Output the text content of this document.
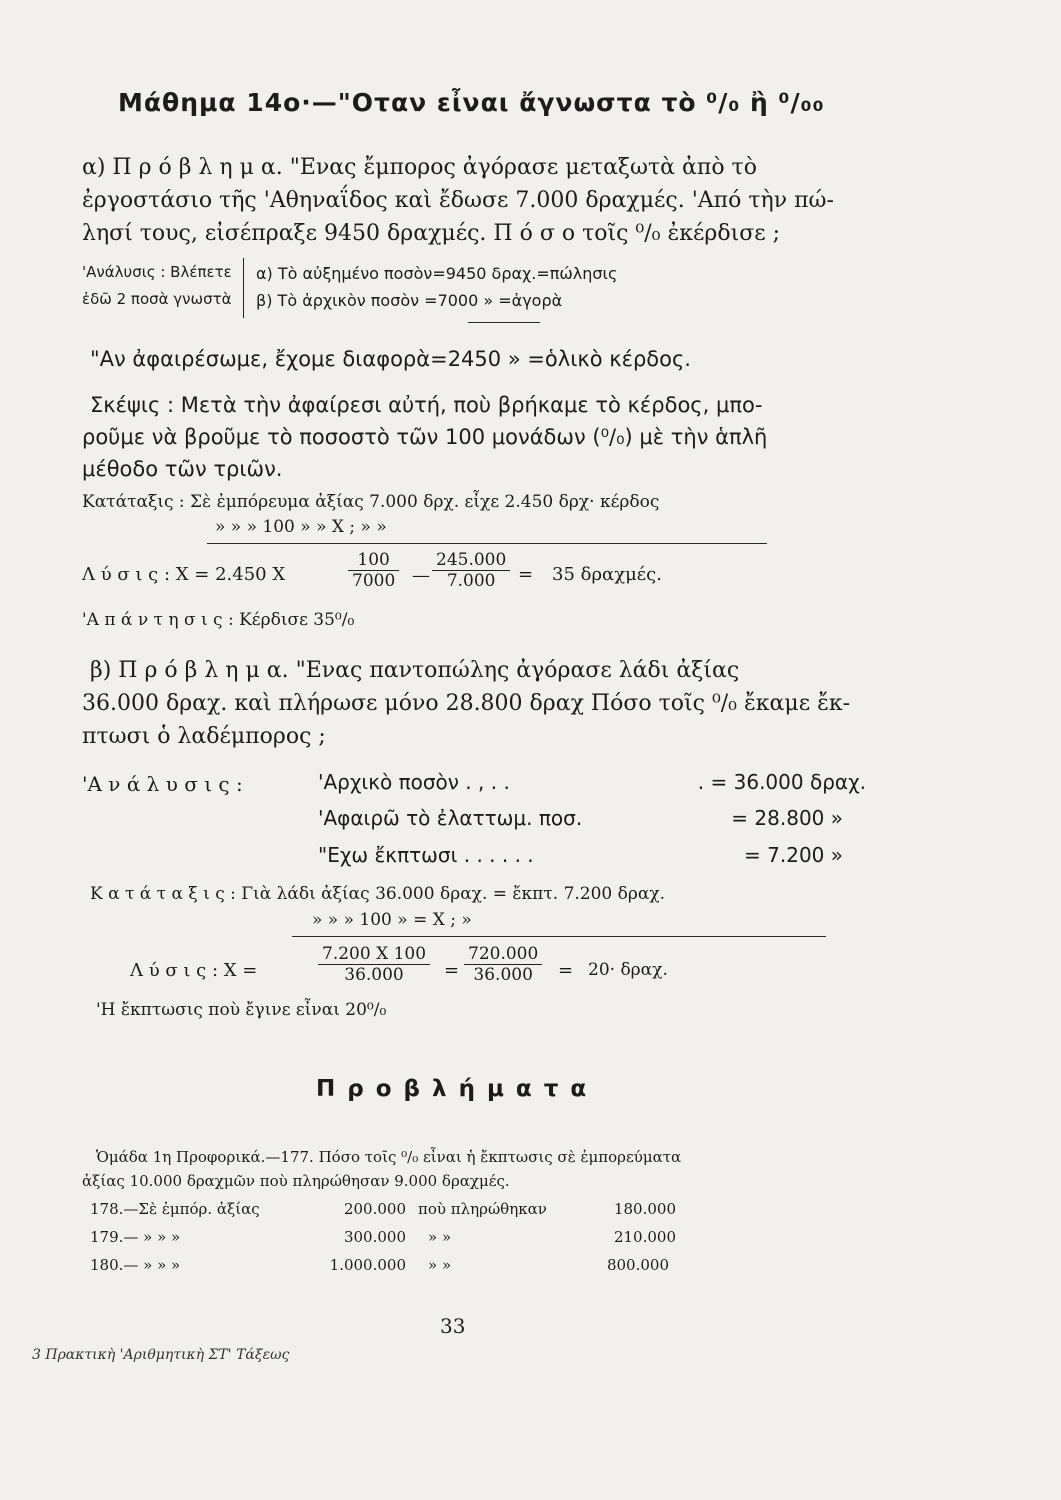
Μάθημα 14ο·—"Οταν εἶναι ἄγνωστα τὸ ⁰/₀ ἢ ⁰/₀₀
α) Π ρ ό β λ η μ α. "Ενας ἔμπορος ἀγόρασε μεταξωτὰ ἀπὸ τὸ
ἐργοστάσιο τῆς 'Αθηναΐδος καὶ ἔδωσε 7.000 δραχμές. 'Από τὴν πώ-
λησί τους, εἰσέπραξε 9450 δραχμές. Π ό σ ο τοῖς ⁰/₀ ἐκέρδισε ;
'Ανάλυσις : Βλέπετε
ἐδῶ 2 ποσὰ γνωστὰ
α) Τὸ αὐξημένο ποσὸν=9450 δραχ.=πώλησις
β) Τὸ ἀρχικὸν ποσὸν =7000 » =ἀγορὰ
"Αν ἀφαιρέσωμε, ἔχομε διαφορὰ=2450 » =ὁλικὸ κέρδος.
Σκέψις : Μετὰ τὴν ἀφαίρεσι αὐτή, ποὺ βρήκαμε τὸ κέρδος, μπο-
ροῦμε νὰ βροῦμε τὸ ποσοστὸ τῶν 100 μονάδων (⁰/₀) μὲ τὴν ἁπλῆ
μέθοδο τῶν τριῶν.
Κατάταξις : Σὲ ἐμπόρευμα ἀξίας 7.000 δρχ. εἶχε 2.450 δρχ· κέρδος
» » » 100 » » Χ ; » »
Λ ύ σ ι ς : Χ = 2.450 Χ	$\frac{100}{7000}$ — $\frac{245.000}{7.000} = 35$ δραχμές.
'Α π ά ν τ η σ ι ς : Κέρδισε 35⁰/₀
β) Π ρ ό β λ η μ α. "Ενας παντοπώλης ἀγόρασε λάδι ἀξίας
36.000 δραχ. καὶ πλήρωσε μόνο 28.800 δραχ Πόσο τοῖς ⁰/₀ ἔκαμε ἔκ-
πτωσι ὁ λαδέμπορος ;
'Α ν ά λ υ σ ι ς :	'Αρχικὸ ποσὸν . , . .	. = 36.000 δραχ.
'Αφαιρῶ τὸ ἐλαττωμ. ποσ.	= 28.800 »
"Εχω ἔκπτωσι . . . . . .	= 7.200 »
Κ α τ ά τ α ξ ι ς : Γιὰ λάδι ἀξίας 36.000 δραχ. = ἔκπτ. 7.200 δραχ.
» » » 100 » = Χ ; »
Λ ύ σ ι ς : Χ =	$\frac{7.200 X 100}{36.000} = \frac{720.000}{36.000} = 20\cdot \delta\rho\alpha\chi$.
'Η ἔκπτωσις ποὺ ἔγινε εἶναι 20⁰/₀
Π ρ ο β λ ή μ α τ α
Ὁμάδα 1η Προφορικά.—177. Πόσο τοῖς ⁰/₀ εἶναι ἡ ἔκπτωσις σὲ ἐμπορεύματα
ἀξίας 10.000 δραχμῶν ποὺ πληρώθησαν 9.000 δραχμές.
178.—Σὲ ἐμπόρ. ἀξίας	200.000 ποὺ πληρώθηκαν	180.000
179.— » » »	300.000 » »	210.000
180.— » » »	1.000.000 » »	800.000
33
3 Πρακτικὴ 'Αριθμητικὴ ΣΤ' Τάξεως
